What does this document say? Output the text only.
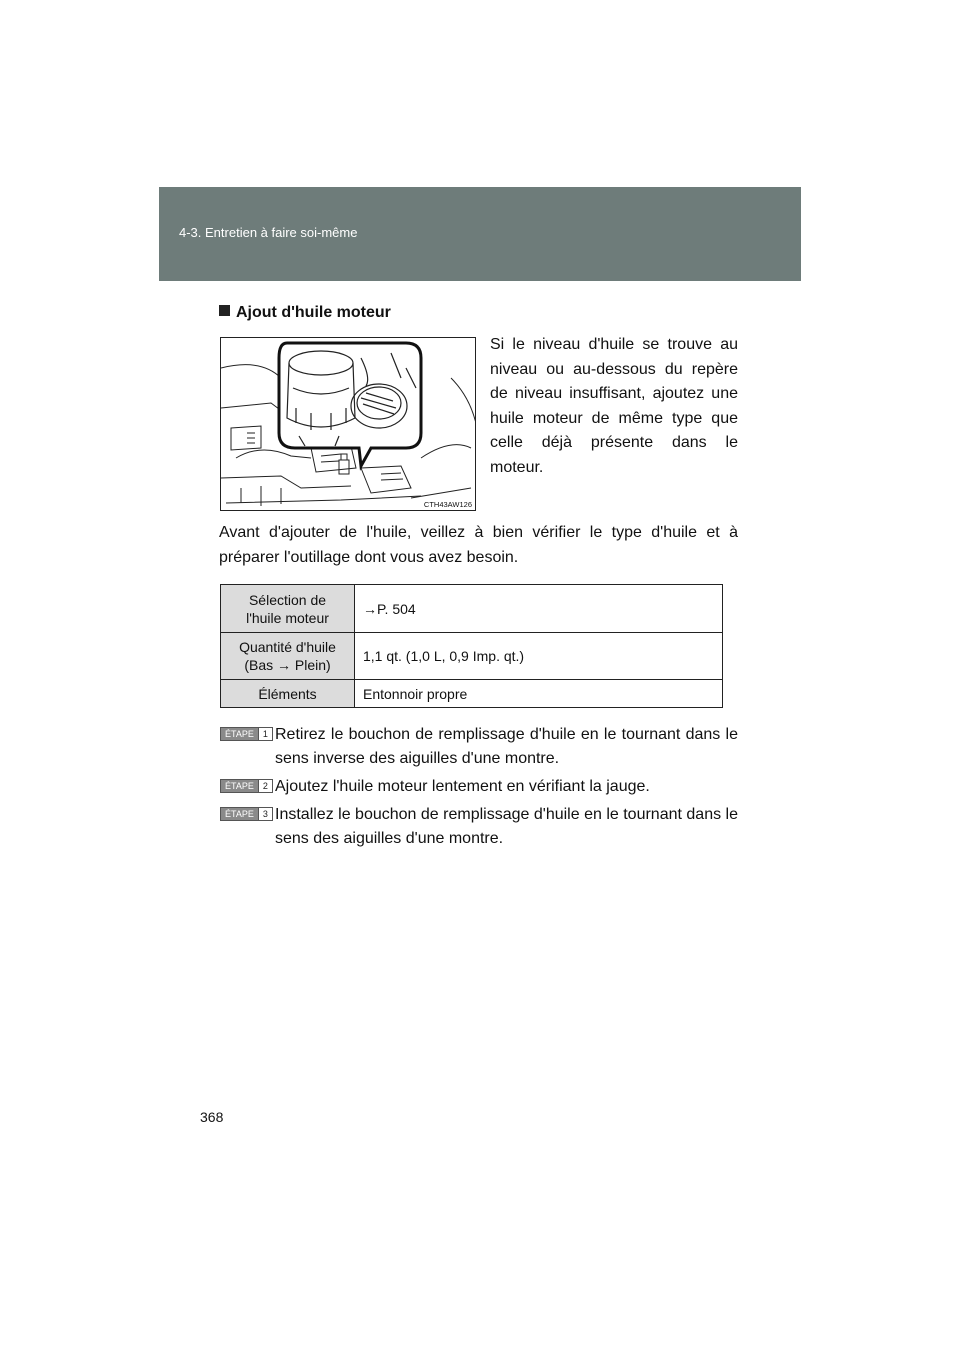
4-3. Entretien à faire soi-même
Ajout d'huile moteur
CTH43AW126
Si le niveau d'huile se trouve au niveau ou au-dessous du repère de niveau insuffisant, ajoutez une huile moteur de même type que celle déjà présente dans le moteur.
Avant d'ajouter de l'huile, veillez à bien vérifier le type d'huile et à préparer l'outillage dont vous avez besoin.
Sélection de
l'huile moteur	→P. 504
Quantité d'huile
(Bas → Plein)	1,1 qt. (1,0 L, 0,9 Imp. qt.)
Éléments	Entonnoir propre
ÉTAPE	1 Retirez le bouchon de remplissage d'huile en le tournant dans le sens inverse des aiguilles d'une montre.
ÉTAPE	2 Ajoutez l'huile moteur lentement en vérifiant la jauge.
ÉTAPE	3 Installez le bouchon de remplissage d'huile en le tournant dans le sens des aiguilles d'une montre.
368
